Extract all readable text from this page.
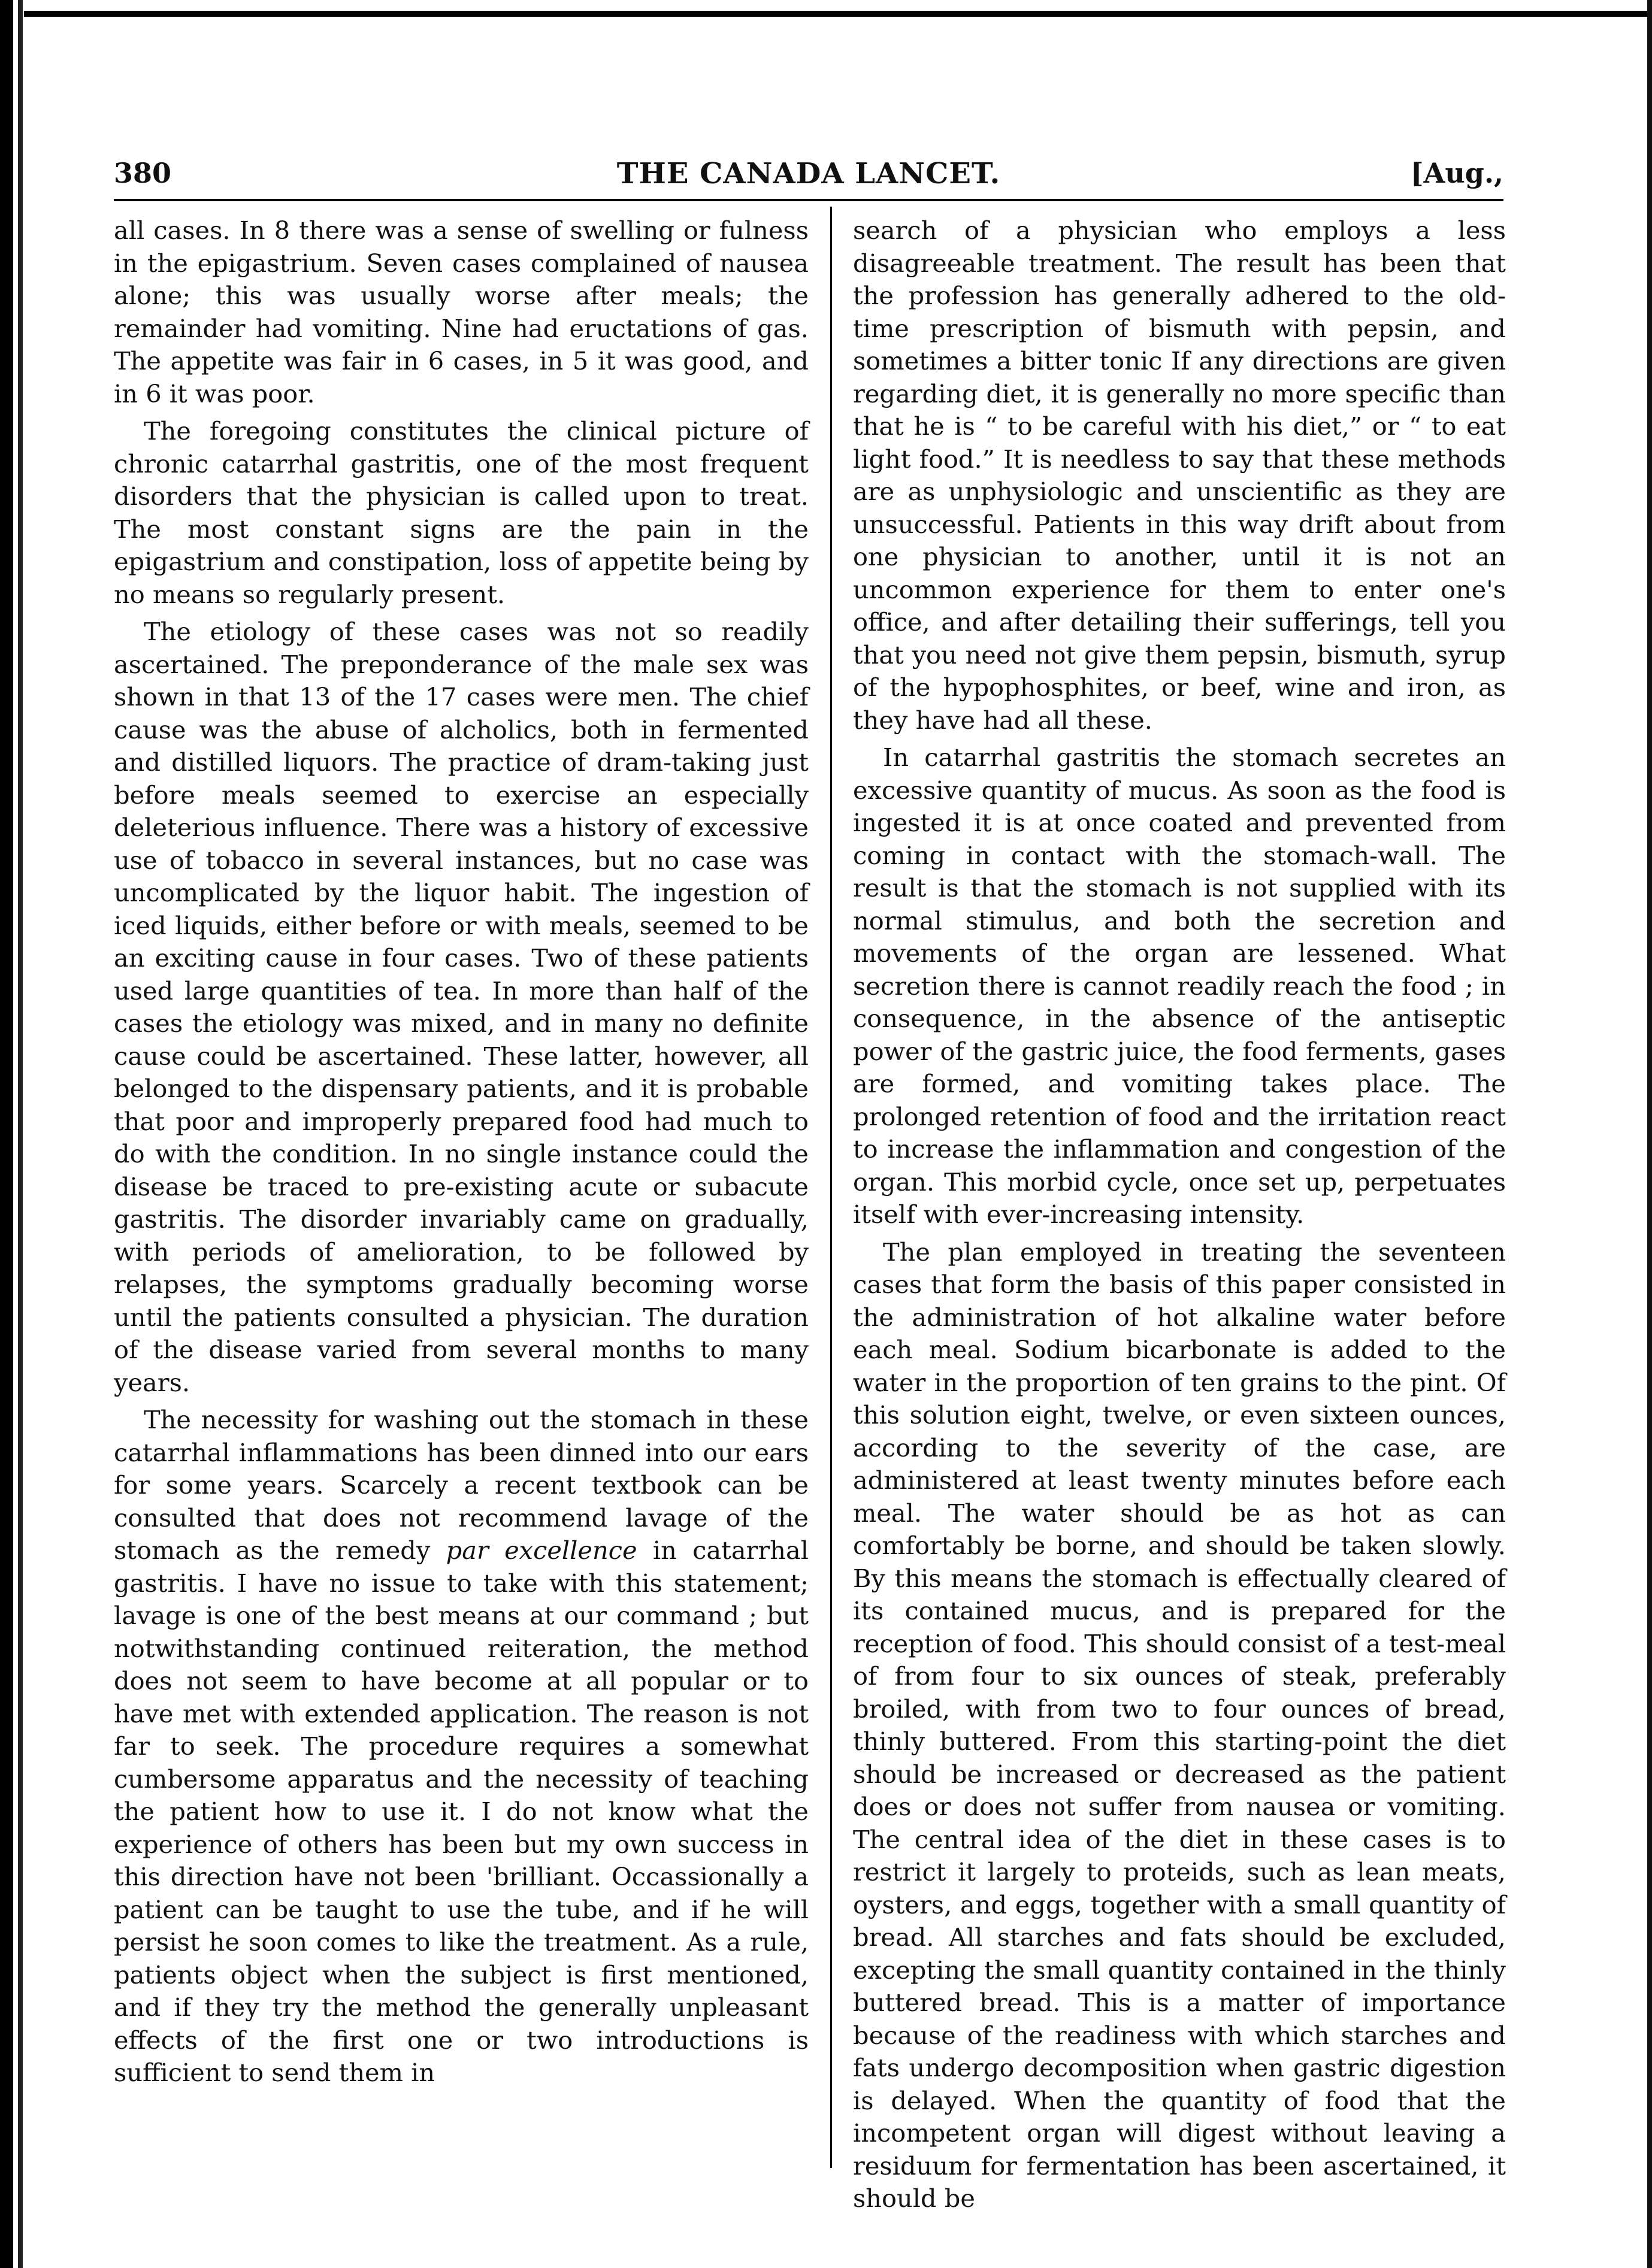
380	THE CANADA LANCET.	[Aug.,

all cases. In 8 there was a sense of swelling or fulness in the epigastrium. Seven cases complained of nausea alone; this was usually worse after meals; the remainder had vomiting. Nine had eructations of gas. The appetite was fair in 6 cases, in 5 it was good, and in 6 it was poor.

The foregoing constitutes the clinical picture of chronic catarrhal gastritis, one of the most frequent disorders that the physician is called upon to treat. The most constant signs are the pain in the epigastrium and constipation, loss of appetite being by no means so regularly present.

The etiology of these cases was not so readily ascertained. The preponderance of the male sex was shown in that 13 of the 17 cases were men. The chief cause was the abuse of alcholics, both in fermented and distilled liquors. The practice of dram-taking just before meals seemed to exercise an especially deleterious influence. There was a history of excessive use of tobacco in several instances, but no case was uncomplicated by the liquor habit. The ingestion of iced liquids, either before or with meals, seemed to be an exciting cause in four cases. Two of these patients used large quantities of tea. In more than half of the cases the etiology was mixed, and in many no definite cause could be ascertained. These latter, however, all belonged to the dispensary patients, and it is probable that poor and improperly prepared food had much to do with the condition. In no single instance could the disease be traced to pre-existing acute or subacute gastritis. The disorder invariably came on gradually, with periods of amelioration, to be followed by relapses, the symptoms gradually becoming worse until the patients consulted a physician. The duration of the disease varied from several months to many years.

The necessity for washing out the stomach in these catarrhal inflammations has been dinned into our ears for some years. Scarcely a recent textbook can be consulted that does not recommend lavage of the stomach as the remedy par excellence in catarrhal gastritis. I have no issue to take with this statement; lavage is one of the best means at our command ; but notwithstanding continued reiteration, the method does not seem to have become at all popular or to have met with extended application. The reason is not far to seek. The procedure requires a somewhat cumbersome apparatus and the necessity of teaching the patient how to use it. I do not know what the experience of others has been but my own success in this direction have not been 'brilliant. Occassionally a patient can be taught to use the tube, and if he will persist he soon comes to like the treatment. As a rule, patients object when the subject is first mentioned, and if they try the method the generally unpleasant effects of the first one or two introductions is sufficient to send them in

search of a physician who employs a less disagreeable treatment. The result has been that the profession has generally adhered to the old-time prescription of bismuth with pepsin, and sometimes a bitter tonic If any directions are given regarding diet, it is generally no more specific than that he is “ to be careful with his diet,” or “ to eat light food.” It is needless to say that these methods are as unphysiologic and unscientific as they are unsuccessful. Patients in this way drift about from one physician to another, until it is not an uncommon experience for them to enter one's office, and after detailing their sufferings, tell you that you need not give them pepsin, bismuth, syrup of the hypophosphites, or beef, wine and iron, as they have had all these.

In catarrhal gastritis the stomach secretes an excessive quantity of mucus. As soon as the food is ingested it is at once coated and prevented from coming in contact with the stomach-wall. The result is that the stomach is not supplied with its normal stimulus, and both the secretion and movements of the organ are lessened. What secretion there is cannot readily reach the food ; in consequence, in the absence of the antiseptic power of the gastric juice, the food ferments, gases are formed, and vomiting takes place. The prolonged retention of food and the irritation react to increase the inflammation and congestion of the organ. This morbid cycle, once set up, perpetuates itself with ever-increasing intensity.

The plan employed in treating the seventeen cases that form the basis of this paper consisted in the administration of hot alkaline water before each meal. Sodium bicarbonate is added to the water in the proportion of ten grains to the pint. Of this solution eight, twelve, or even sixteen ounces, according to the severity of the case, are administered at least twenty minutes before each meal. The water should be as hot as can comfortably be borne, and should be taken slowly. By this means the stomach is effectually cleared of its contained mucus, and is prepared for the reception of food. This should consist of a test-meal of from four to six ounces of steak, preferably broiled, with from two to four ounces of bread, thinly buttered. From this starting-point the diet should be increased or decreased as the patient does or does not suffer from nausea or vomiting. The central idea of the diet in these cases is to restrict it largely to proteids, such as lean meats, oysters, and eggs, together with a small quantity of bread. All starches and fats should be excluded, excepting the small quantity contained in the thinly buttered bread. This is a matter of importance because of the readiness with which starches and fats undergo decomposition when gastric digestion is delayed. When the quantity of food that the incompetent organ will digest without leaving a residuum for fermentation has been ascertained, it should be
